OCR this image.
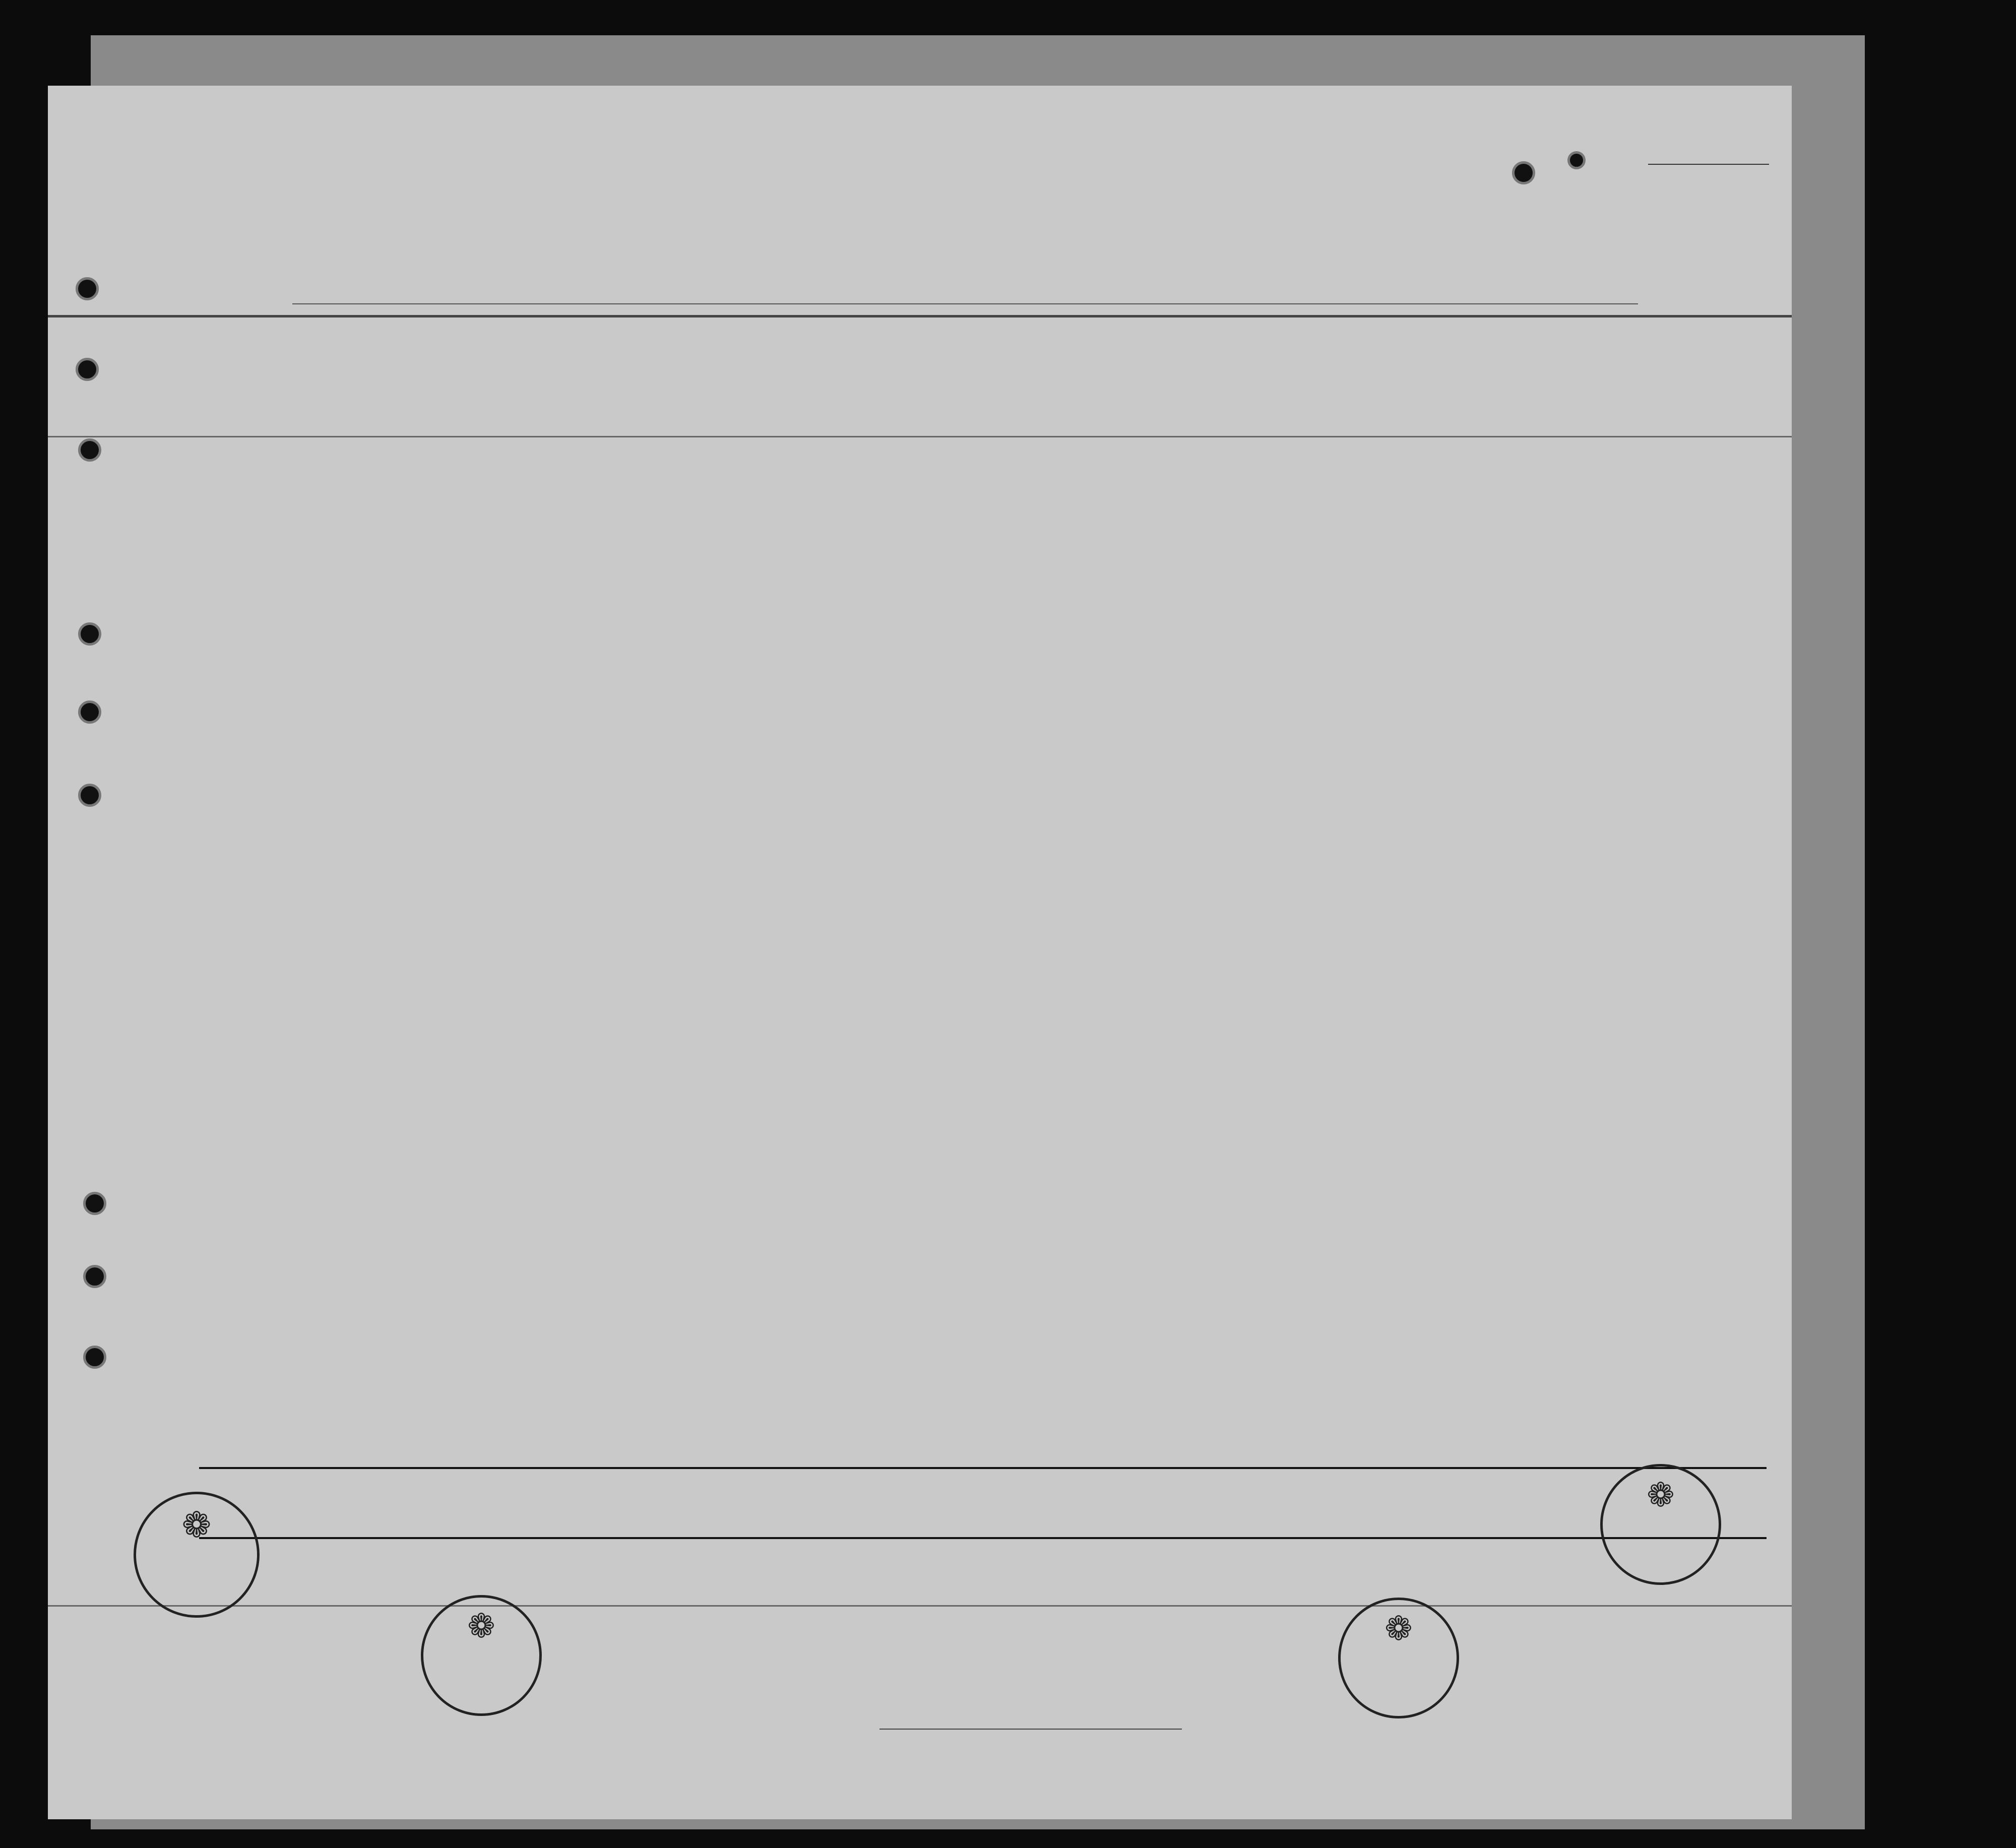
❁
❁
❁
❁
